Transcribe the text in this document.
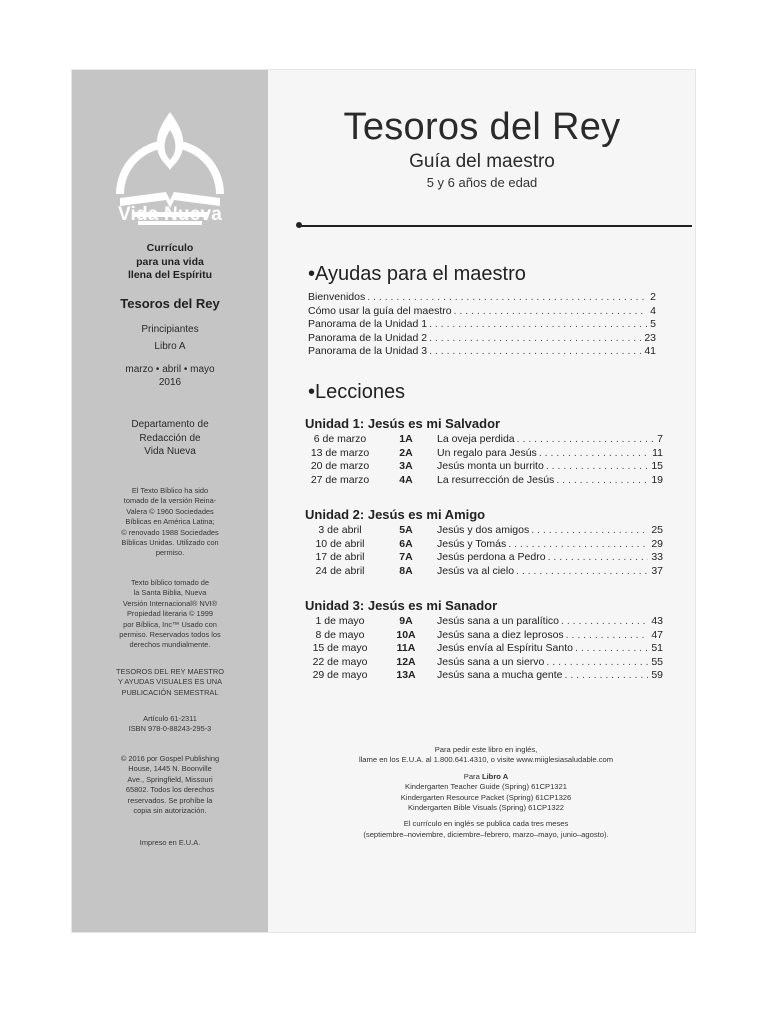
Vida Nueva
Currículo
para una vida
llena del Espíritu
Tesoros del Rey
Principiantes
Libro A
marzo • abril • mayo
2016
Departamento de
Redacción de
Vida Nueva
El Texto Bíblico ha sido
tomado de la versión Reina-
Valera © 1960 Sociedades
Bíblicas en América Latina;
© renovado 1988 Sociedades
Bíblicas Unidas. Utilizado con
permiso.
Texto bíblico tomado de
la Santa Biblia, Nueva
Versión Internacional® NVI®
Propiedad literaria © 1999
por Bíblica, Inc™ Usado con
permiso. Reservados todos los
derechos mundialmente.
TESOROS DEL REY MAESTRO
Y AYUDAS VISUALES ES UNA
PUBLICACIÓN SEMESTRAL
Artículo 61-2311
ISBN 978-0-88243-295-3
© 2016 por Gospel Publishing
House, 1445 N. Boonville
Ave., Springfield, Missouri
65802. Todos los derechos
reservados. Se prohíbe la
copia sin autorización.
Impreso en E.U.A.
Tesoros del Rey
Guía del maestro
5 y 6 años de edad
•Ayudas para el maestro
Bienvenidos . . .	2
Cómo usar la guía del maestro . . .	4
Panorama de la Unidad 1 . . .	5
Panorama de la Unidad 2 . . .	23
Panorama de la Unidad 3 . . .	41
•Lecciones
Unidad 1: Jesús es mi Salvador
6 de marzo	1A	La oveja perdida . . .	7
13 de marzo	2A	Un regalo para Jesús . . .	11
20 de marzo	3A	Jesús monta un burrito . . .	15
27 de marzo	4A	La resurrección de Jesús . . .	19
Unidad 2: Jesús es mi Amigo
3 de abril	5A	Jesús y dos amigos . . .	25
10 de abril	6A	Jesús y Tomás . . .	29
17 de abril	7A	Jesús perdona a Pedro . . .	33
24 de abril	8A	Jesús va al cielo . . .	37
Unidad 3: Jesús es mi Sanador
1 de mayo	9A	Jesús sana a un paralítico . . .	43
8 de mayo	10A	Jesús sana a diez leprosos . . .	47
15 de mayo	11A	Jesús envía al Espíritu Santo . . .	51
22 de mayo	12A	Jesús sana a un siervo . . .	55
29 de mayo	13A	Jesús sana a mucha gente . . .	59

Para pedir este libro en inglés,

llame en los E.U.A. al 1.800.641.4310, o visite www.miiglesiasaludable.com

Para Libro A

Kindergarten Teacher Guide (Spring) 61CP1321

Kindergarten Resource Packet (Spring) 61CP1326

Kindergarten Bible Visuals (Spring) 61CP1322

El currículo en inglés se publica cada tres meses

(septiembre–noviembre, diciembre–febrero, marzo–mayo, junio–agosto).
